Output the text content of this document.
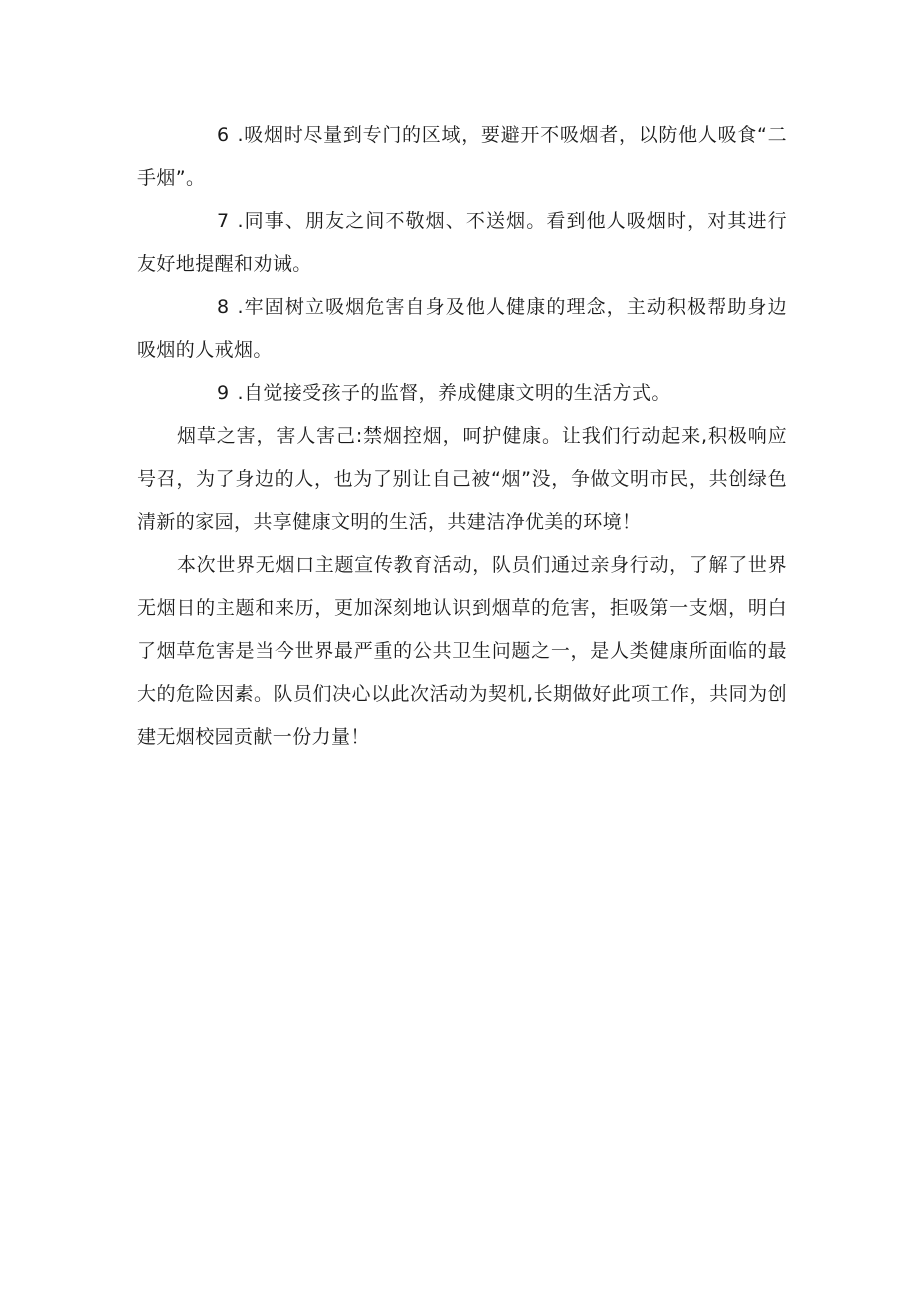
6 .吸烟时尽量到专门的区域，要避开不吸烟者，以防他人吸食“二手烟”。

7 .同事、朋友之间不敬烟、不送烟。看到他人吸烟时，对其进行友好地提醒和劝诫。

8 .牢固树立吸烟危害自身及他人健康的理念，主动积极帮助身边吸烟的人戒烟。

9 .自觉接受孩子的监督，养成健康文明的生活方式。

烟草之害，害人害己:禁烟控烟，呵护健康。让我们行动起来,积极响应号召，为了身边的人，也为了别让自己被“烟”没，争做文明市民，共创绿色清新的家园，共享健康文明的生活，共建洁净优美的环境！

本次世界无烟口主题宣传教育活动，队员们通过亲身行动，了解了世界无烟日的主题和来历，更加深刻地认识到烟草的危害，拒吸第一支烟，明白了烟草危害是当今世界最严重的公共卫生问题之一，是人类健康所面临的最大的危险因素。队员们决心以此次活动为契机,长期做好此项工作，共同为创建无烟校园贡献一份力量！
